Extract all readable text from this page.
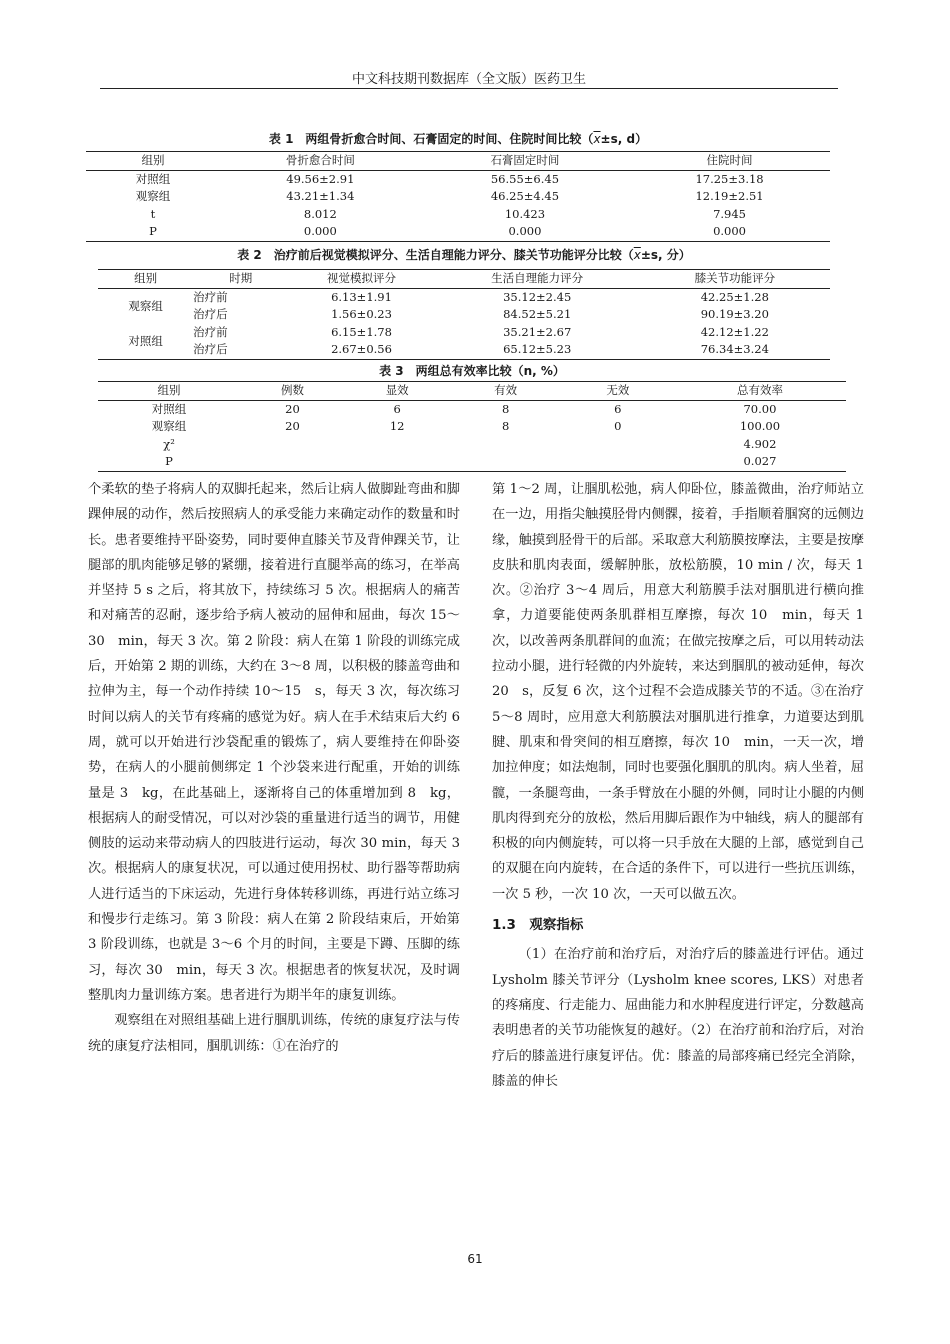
中文科技期刊数据库（全文版）医药卫生
表 1　两组骨折愈合时间、石膏固定的时间、住院时间比较（$\overline{x}\pm s$, d）
组别	骨折愈合时间	石膏固定时间	住院时间
对照组	49.56±2.91	56.55±6.45	17.25±3.18
观察组	43.21±1.34	46.25±4.45	12.19±2.51
t	8.012	10.423	7.945
P	0.000	0.000	0.000
表 2　治疗前后视觉模拟评分、生活自理能力评分、膝关节功能评分比较（$\overline{x}\pm s$, 分）
组别	时期	视觉模拟评分	生活自理能力评分	膝关节功能评分
观察组	治疗前	6.13±1.91	35.12±2.45	42.25±1.28
	治疗后	1.56±0.23	84.52±5.21	90.19±3.20
对照组	治疗前	6.15±1.78	35.21±2.67	42.12±1.22
	治疗后	2.67±0.56	65.12±5.23	76.34±3.24
表 3　两组总有效率比较（n, %）
组别	例数	显效	有效	无效	总有效率
对照组	20	6	8	6	70.00
观察组	20	12	8	0	100.00
χ²					4.902
P					0.027

个柔软的垫子将病人的双脚托起来，然后让病人做脚趾弯曲和脚踝伸展的动作，然后按照病人的承受能力来确定动作的数量和时长。患者要维持平卧姿势，同时要伸直膝关节及背伸踝关节，让腿部的肌肉能够足够的紧绷，接着进行直腿举高的练习，在举高并坚持 5 s 之后，将其放下，持续练习 5 次。根据病人的痛苦和对痛苦的忍耐，逐步给予病人被动的屈伸和屈曲，每次 15～30　min，每天 3 次。第 2 阶段：病人在第 1 阶段的训练完成后，开始第 2 期的训练，大约在 3～8 周，以积极的膝盖弯曲和拉伸为主，每一个动作持续 10～15　s，每天 3 次，每次练习时间以病人的关节有疼痛的感觉为好。病人在手术结束后大约 6 周，就可以开始进行沙袋配重的锻炼了，病人要维持在仰卧姿势，在病人的小腿前侧绑定 1 个沙袋来进行配重，开始的训练量是 3　kg，在此基础上，逐渐将自己的体重增加到 8　kg，根据病人的耐受情况，可以对沙袋的重量进行适当的调节，用健侧肢的运动来带动病人的四肢进行运动，每次 30 min，每天 3 次。根据病人的康复状况，可以通过使用拐杖、助行器等帮助病人进行适当的下床运动，先进行身体转移训练，再进行站立练习和慢步行走练习。第 3 阶段：病人在第 2 阶段结束后，开始第 3 阶段训练，也就是 3～6 个月的时间，主要是下蹲、压脚的练习，每次 30　min，每天 3 次。根据患者的恢复状况，及时调整肌肉力量训练方案。患者进行为期半年的康复训练。

观察组在对照组基础上进行腘肌训练，传统的康复疗法与传统的康复疗法相同，腘肌训练：①在治疗的

第 1～2 周，让腘肌松弛，病人仰卧位，膝盖微曲，治疗师站立在一边，用指尖触摸胫骨内侧髁，接着，手指顺着腘窝的远侧边缘，触摸到胫骨干的后部。采取意大利筋膜按摩法，主要是按摩皮肤和肌肉表面，缓解肿胀，放松筋膜，10 min / 次，每天 1 次。②治疗 3～4 周后，用意大利筋膜手法对腘肌进行横向推拿，力道要能使两条肌群相互摩擦，每次 10　min，每天 1 次，以改善两条肌群间的血流；在做完按摩之后，可以用转动法拉动小腿，进行轻微的内外旋转，来达到腘肌的被动延伸，每次 20　s，反复 6 次，这个过程不会造成膝关节的不适。③在治疗 5～8 周时，应用意大利筋膜法对腘肌进行推拿，力道要达到肌腱、肌束和骨突间的相互磨擦，每次 10　min，一天一次，增加拉伸度；如法炮制，同时也要强化腘肌的肌肉。病人坐着，屈髋，一条腿弯曲，一条手臂放在小腿的外侧，同时让小腿的内侧肌肉得到充分的放松，然后用脚后跟作为中轴线，病人的腿部有积极的向内侧旋转，可以将一只手放在大腿的上部，感觉到自己的双腿在向内旋转，在合适的条件下，可以进行一些抗压训练，一次 5 秒，一次 10 次，一天可以做五次。

1.3　观察指标

（1）在治疗前和治疗后，对治疗后的膝盖进行评估。通过 Lysholm 膝关节评分（Lysholm knee scores, LKS）对患者的疼痛度、行走能力、屈曲能力和水肿程度进行评定，分数越高表明患者的关节功能恢复的越好。（2）在治疗前和治疗后，对治疗后的膝盖进行康复评估。优：膝盖的局部疼痛已经完全消除，膝盖的伸长

61
